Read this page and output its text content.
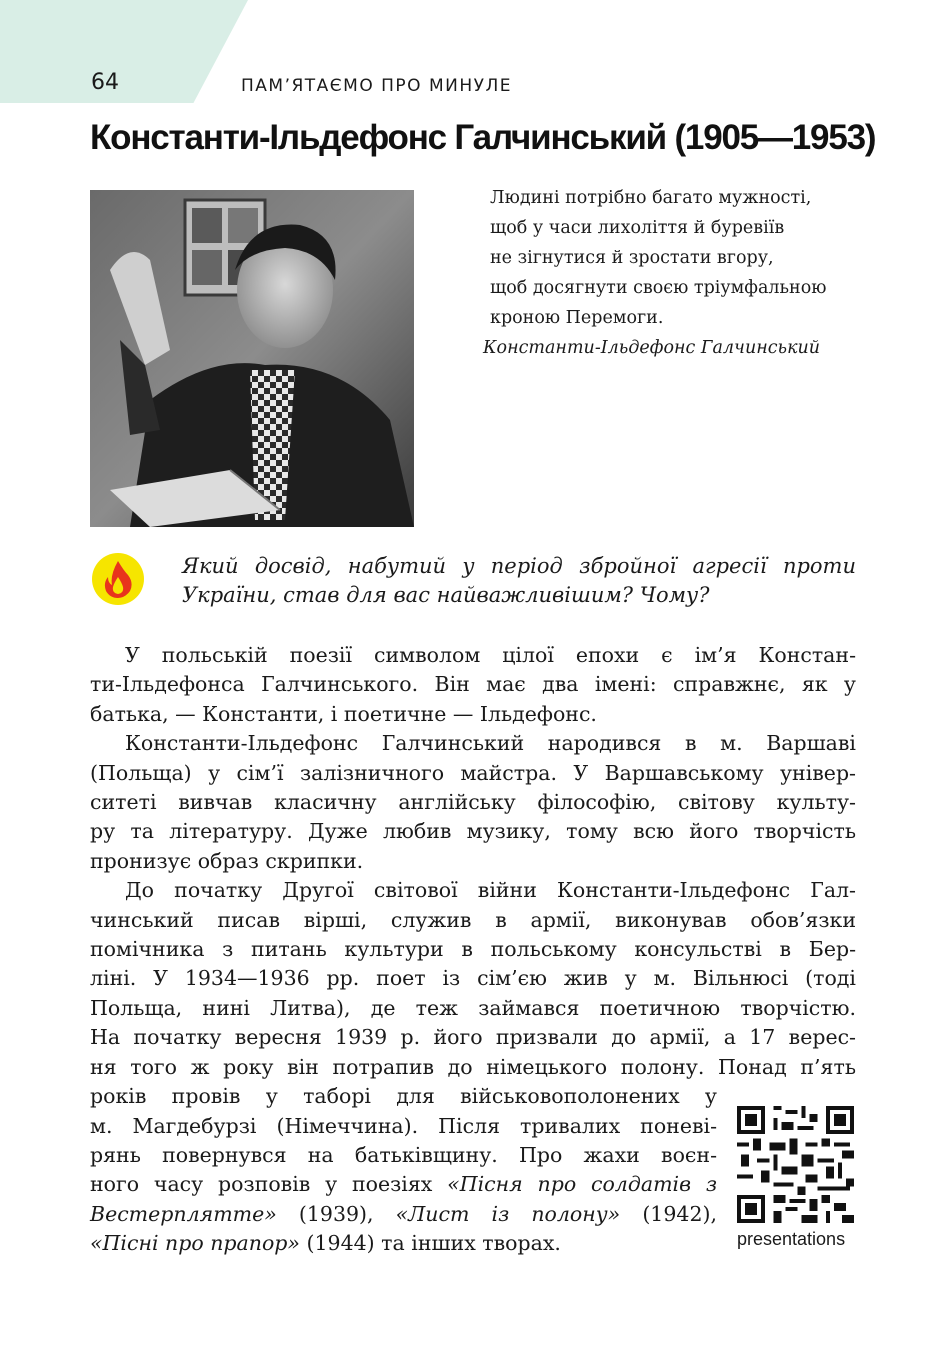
64	ПАМ’ЯТАЄМО ПРО МИНУЛЕ
Константи-Ільдефонс Галчинський (1905—1953)
Людині потрібно багато мужності,
щоб у часи лихоліття й буревіїв
не зігнутися й зростати вгору,
щоб досягнути своєю тріумфальною
кроною Перемоги.
Константи-Ільдефонс Галчинський
Який досвід, набутий у період збройної агресії проти
України, став для вас найважливішим? Чому?
У польській поезії символом цілої епохи є ім’я Констан-
ти-Ільдефонса Галчинського. Він має два імені: справжнє, як у
батька, — Константи, і поетичне — Ільдефонс.
Константи-Ільдефонс Галчинський народився в м. Варшаві
(Польща) у сім’ї залізничного майстра. У Варшавському універ-
ситеті вивчав класичну англійську філософію, світову культу-
ру та літературу. Дуже любив музику, тому всю його творчість
пронизує образ скрипки.
До початку Другої світової війни Константи-Ільдефонс Гал-
чинський писав вірші, служив в армії, виконував обов’язки
помічника з питань культури в польському консульстві в Бер-
ліні. У 1934—1936 рр. поет із сім’єю жив у м. Вільнюсі (тоді
Польща, нині Литва), де теж займався поетичною творчістю.
На початку вересня 1939 р. його призвали до армії, а 17 верес-
ня того ж року він потрапив до німецького полону. Понад п’ять
років провів у таборі для військовополонених у
м. Магдебурзі (Німеччина). Після тривалих поневі-
рянь повернувся на батьківщину. Про жахи воєн-
ного часу розповів у поезіях «Пісня про солдатів з
Вестерплятте» (1939), «Лист із полону» (1942),
«Пісні про прапор» (1944) та інших творах.	presentations
